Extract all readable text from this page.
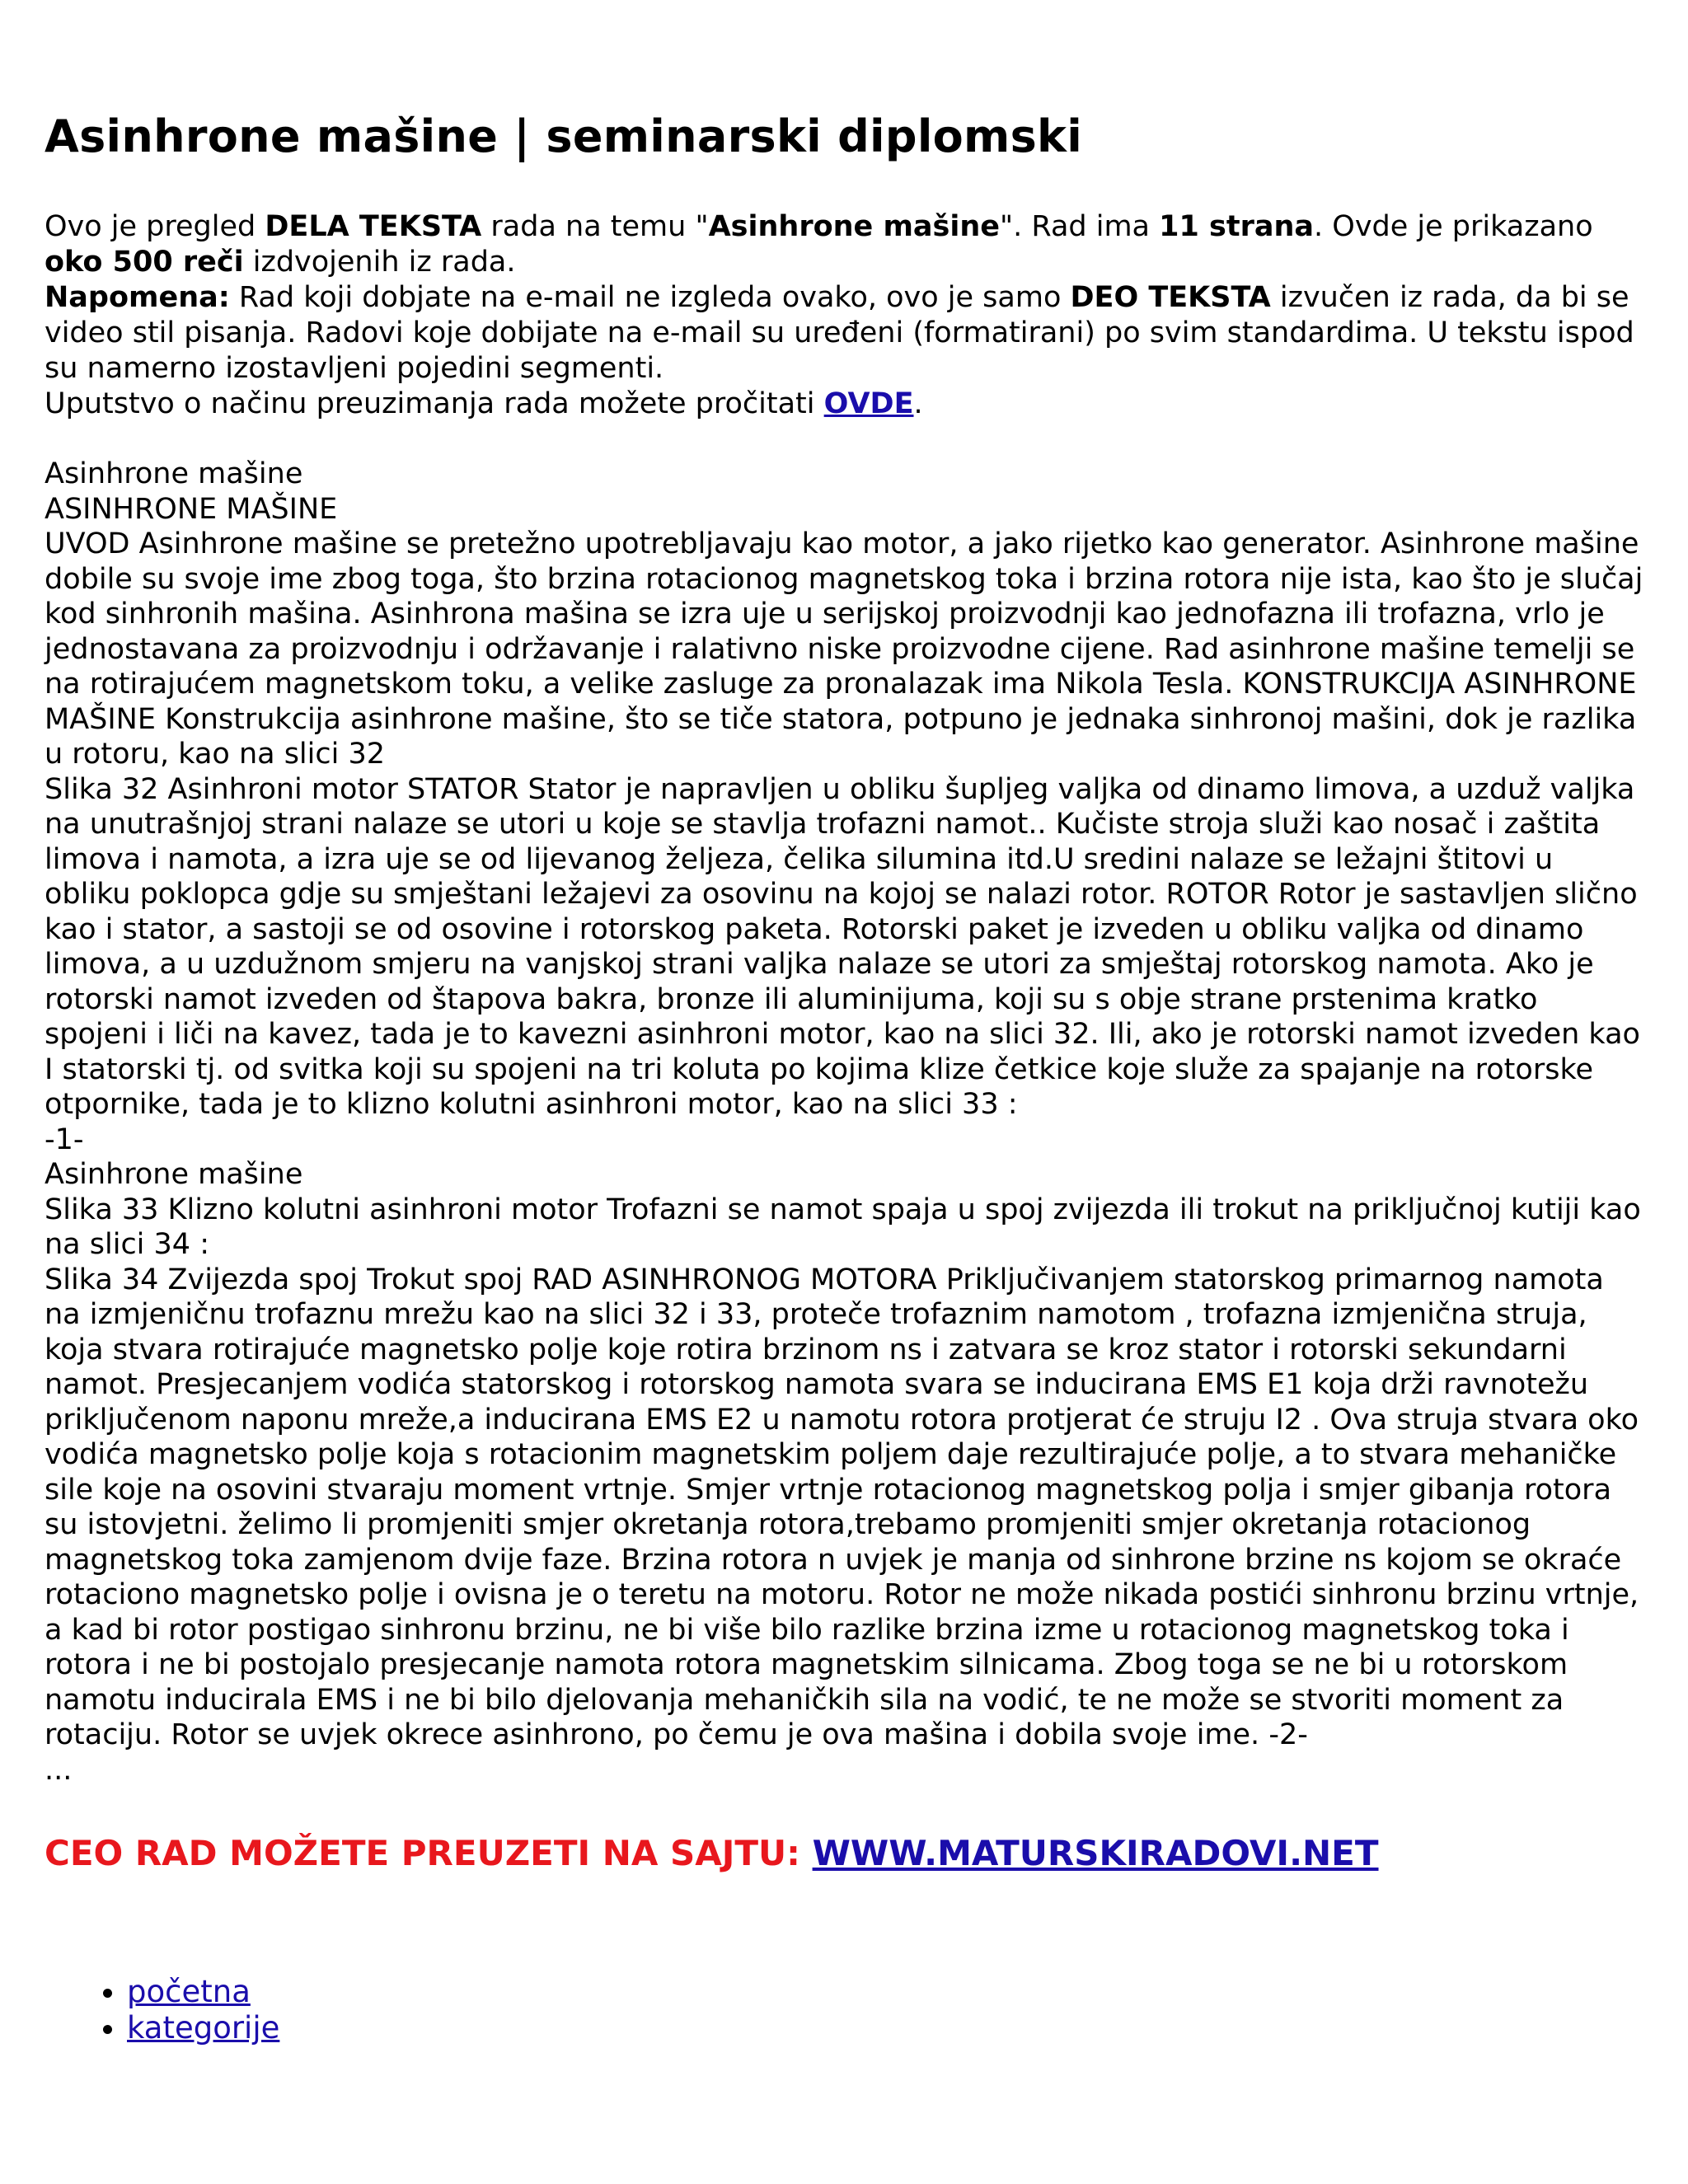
Asinhrone mašine | seminarski diplomski

Ovo je pregled DELA TEKSTA rada na temu "Asinhrone mašine". Rad ima 11 strana. Ovde je prikazano oko 500 reči izdvojenih iz rada.

Napomena: Rad koji dobjate na e-mail ne izgleda ovako, ovo je samo DEO TEKSTA izvučen iz rada, da bi se video stil pisanja. Radovi koje dobijate na e-mail su uređeni (formatirani) po svim standardima. U tekstu ispod su namerno izostavljeni pojedini segmenti.

Uputstvo o načinu preuzimanja rada možete pročitati OVDE.

Asinhrone mašine

ASINHRONE MAŠINE

UVOD Asinhrone mašine se pretežno upotrebljavaju kao motor, a jako rijetko kao generator. Asinhrone mašine dobile su svoje ime zbog toga, što brzina rotacionog magnetskog toka i brzina rotora nije ista, kao što je slučaj kod sinhronih mašina. Asinhrona mašina se izra uje u serijskoj proizvodnji kao jednofazna ili trofazna, vrlo je jednostavana za proizvodnju i održavanje i ralativno niske proizvodne cijene. Rad asinhrone mašine temelji se na rotirajućem magnetskom toku, a velike zasluge za pronalazak ima Nikola Tesla. KONSTRUKCIJA ASINHRONE MAŠINE Konstrukcija asinhrone mašine, što se tiče statora, potpuno je jednaka sinhronoj mašini, dok je razlika u rotoru, kao na slici 32

Slika 32 Asinhroni motor STATOR Stator je napravljen u obliku šupljeg valjka od dinamo limova, a uzduž valjka na unutrašnjoj strani nalaze se utori u koje se stavlja trofazni namot.. Kučiste stroja služi kao nosač i zaštita limova i namota, a izra uje se od lijevanog željeza, čelika silumina itd.U sredini nalaze se ležajni štitovi u obliku poklopca gdje su smještani ležajevi za osovinu na kojoj se nalazi rotor. ROTOR Rotor je sastavljen slično kao i stator, a sastoji se od osovine i rotorskog paketa. Rotorski paket je izveden u obliku valjka od dinamo limova, a u uzdužnom smjeru na vanjskoj strani valjka nalaze se utori za smještaj rotorskog namota. Ako je rotorski namot izveden od štapova bakra, bronze ili aluminijuma, koji su s obje strane prstenima kratko spojeni i liči na kavez, tada je to kavezni asinhroni motor, kao na slici 32. Ili, ako je rotorski namot izveden kao I statorski tj. od svitka koji su spojeni na tri koluta po kojima klize četkice koje služe za spajanje na rotorske otpornike, tada je to klizno kolutni asinhroni motor, kao na slici 33 :

-1-

Asinhrone mašine

Slika 33 Klizno kolutni asinhroni motor Trofazni se namot spaja u spoj zvijezda ili trokut na priključnoj kutiji kao na slici 34 :

Slika 34 Zvijezda spoj Trokut spoj RAD ASINHRONOG MOTORA Priključivanjem statorskog primarnog namota na izmjeničnu trofaznu mrežu kao na slici 32 i 33, protečе trofaznim namotom , trofazna izmjenična struja, koja stvara rotirajuće magnetsko polje koje rotira brzinom ns i zatvara se kroz stator i rotorski sekundarni namot. Presjecanjem vodića statorskog i rotorskog namota svara se inducirana EMS E1 koja drži ravnotežu priključenom naponu mreže,a inducirana EMS E2 u namotu rotora protjerat će struju I2 . Ova struja stvara oko vodića magnetsko polje koja s rotacionim magnetskim poljem daje rezultirajuće polje, a to stvara mehaničke sile koje na osovini stvaraju moment vrtnje. Smjer vrtnje rotacionog magnetskog polja i smjer gibanja rotora su istovjetni. želimo li promjeniti smjer okretanja rotora,trebamo promjeniti smjer okretanja rotacionog magnetskog toka zamjenom dvije faze. Brzina rotora n uvjek je manja od sinhrone brzine ns kojom se okraće rotaciono magnetsko polje i ovisna je o teretu na motoru. Rotor ne može nikada postići sinhronu brzinu vrtnje, a kad bi rotor postigao sinhronu brzinu, ne bi više bilo razlike brzina izme u rotacionog magnetskog toka i rotora i ne bi postojalo presjecanje namota rotora magnetskim silnicama. Zbog toga se ne bi u rotorskom namotu inducirala EMS i ne bi bilo djelovanja mehaničkih sila na vodić, te ne može se stvoriti moment za rotaciju. Rotor se uvjek okrece asinhrono, po čemu je ova mašina i dobila svoje ime. -2-

...

CEO RAD MOŽETE PREUZETI NA SAJTU: WWW.MATURSKIRADOVI.NET
• početna
• kategorije
